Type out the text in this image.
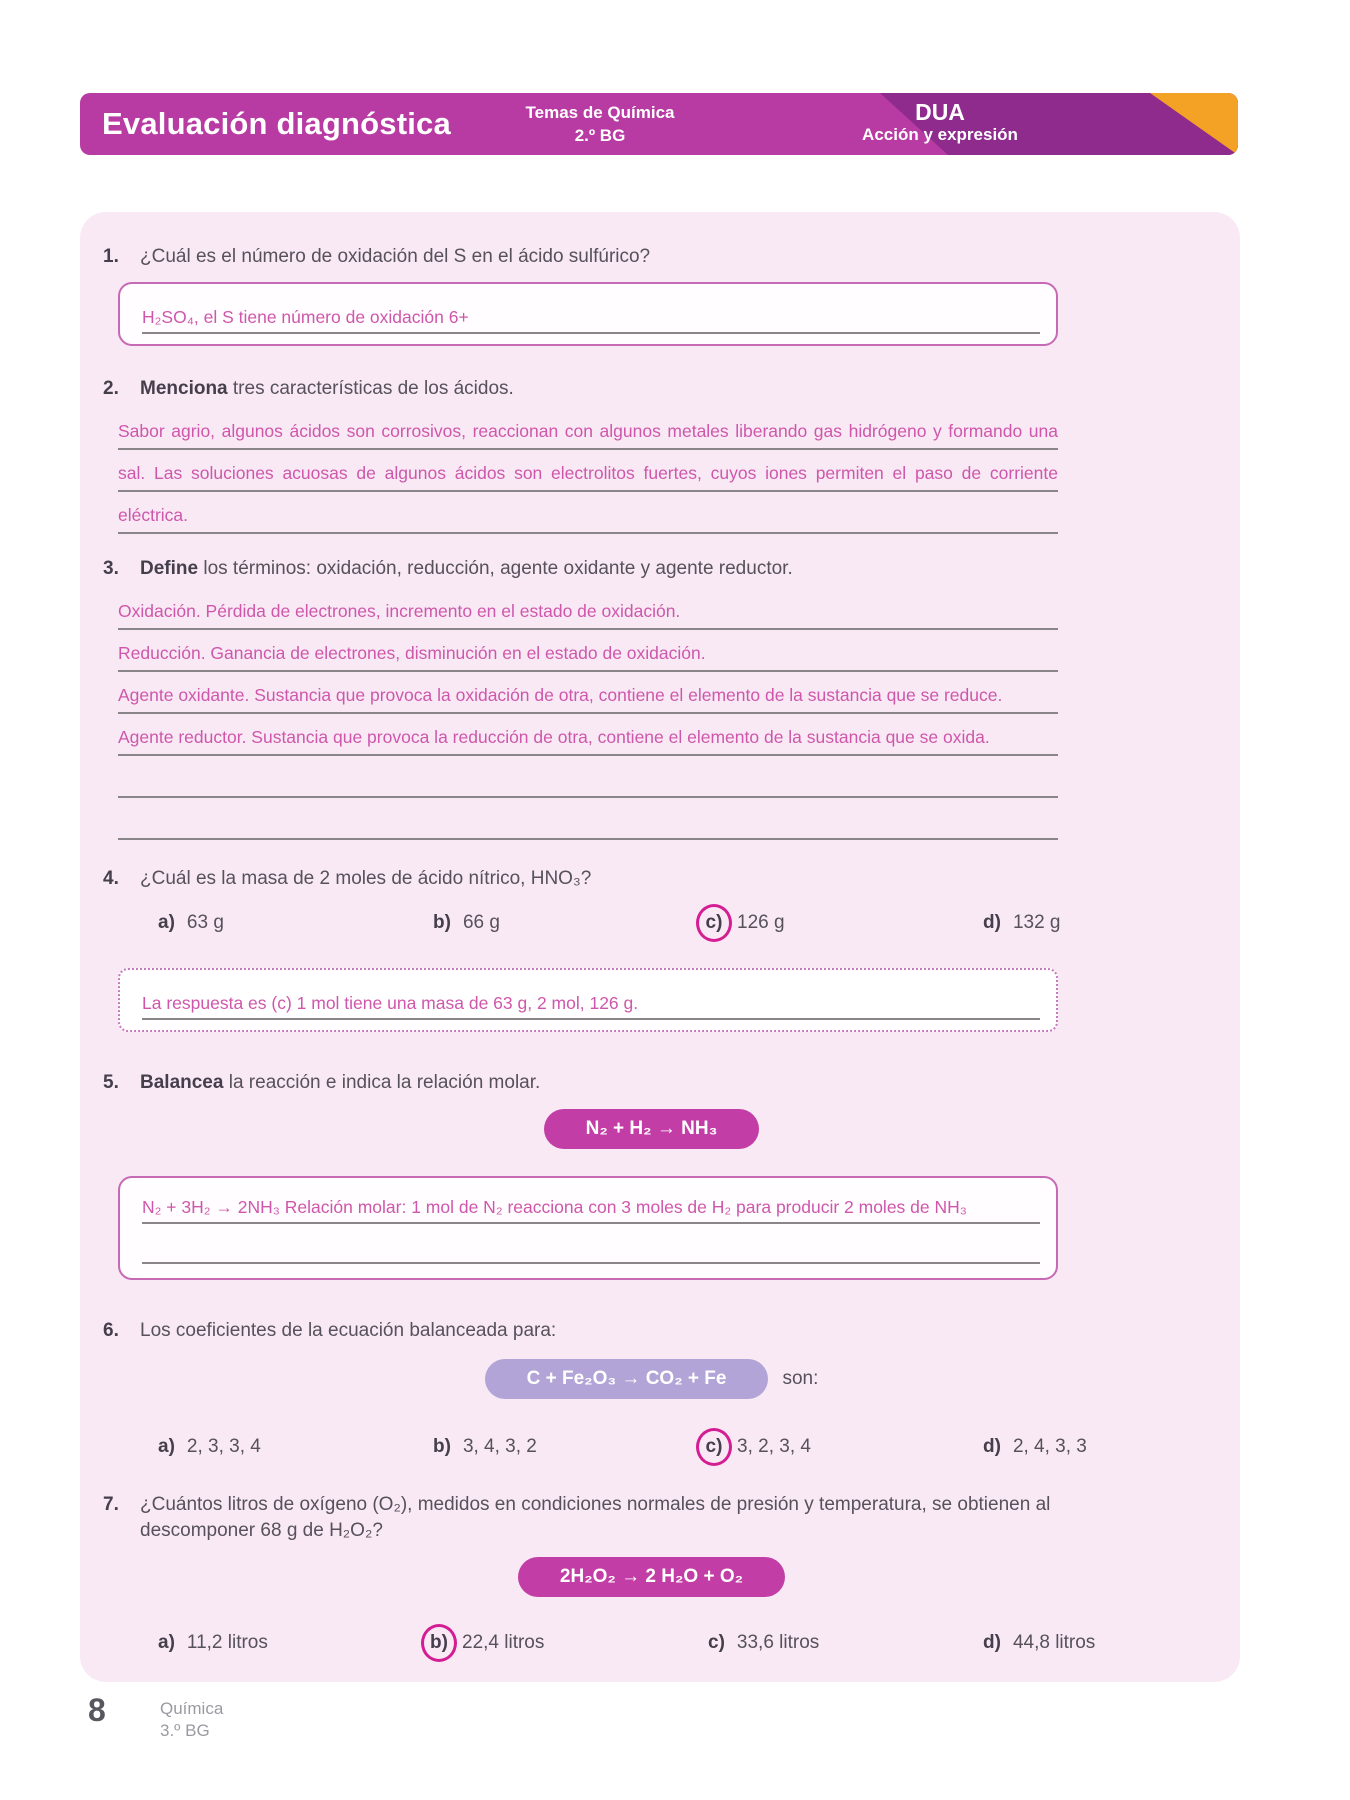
Evaluación diagnóstica	Temas de Química
2.º BG
DUA
Acción y expresión
1.	¿Cuál es el número de oxidación del S en el ácido sulfúrico?
H₂SO₄, el S tiene número de oxidación 6+
2.	Menciona tres características de los ácidos.
Sabor agrio, algunos ácidos son corrosivos, reaccionan con algunos metales liberando gas hidrógeno y formando una
sal. Las soluciones acuosas de algunos ácidos son electrolitos fuertes, cuyos iones permiten el paso de corriente
eléctrica.
3.	Define los términos: oxidación, reducción, agente oxidante y agente reductor.
Oxidación. Pérdida de electrones, incremento en el estado de oxidación.
Reducción. Ganancia de electrones, disminución en el estado de oxidación.
Agente oxidante. Sustancia que provoca la oxidación de otra, contiene el elemento de la sustancia que se reduce.
Agente reductor. Sustancia que provoca la reducción de otra, contiene el elemento de la sustancia que se oxida.
4.	¿Cuál es la masa de 2 moles de ácido nítrico, HNO₃?
a) 63 g	b) 66 g	c) 126 g	d) 132 g
La respuesta es (c) 1 mol tiene una masa de 63 g, 2 mol, 126 g.
5.	Balancea la reacción e indica la relación molar.
N₂ + H₂ → NH₃
N₂ + 3H₂ → 2NH₃ Relación molar: 1 mol de N₂ reacciona con 3 moles de H₂ para producir 2 moles de NH₃
6.	Los coeficientes de la ecuación balanceada para:
C + Fe₂O₃ → CO₂ + Fe	son:
a) 2, 3, 3, 4	b) 3, 4, 3, 2	c) 3, 2, 3, 4	d) 2, 4, 3, 3
7.	¿Cuántos litros de oxígeno (O₂), medidos en condiciones normales de presión y temperatura, se obtienen al descomponer 68 g de H₂O₂?
2H₂O₂ → 2 H₂O + O₂
a) 11,2 litros	b) 22,4 litros	c) 33,6 litros	d) 44,8 litros
8	Química
3.º BG
